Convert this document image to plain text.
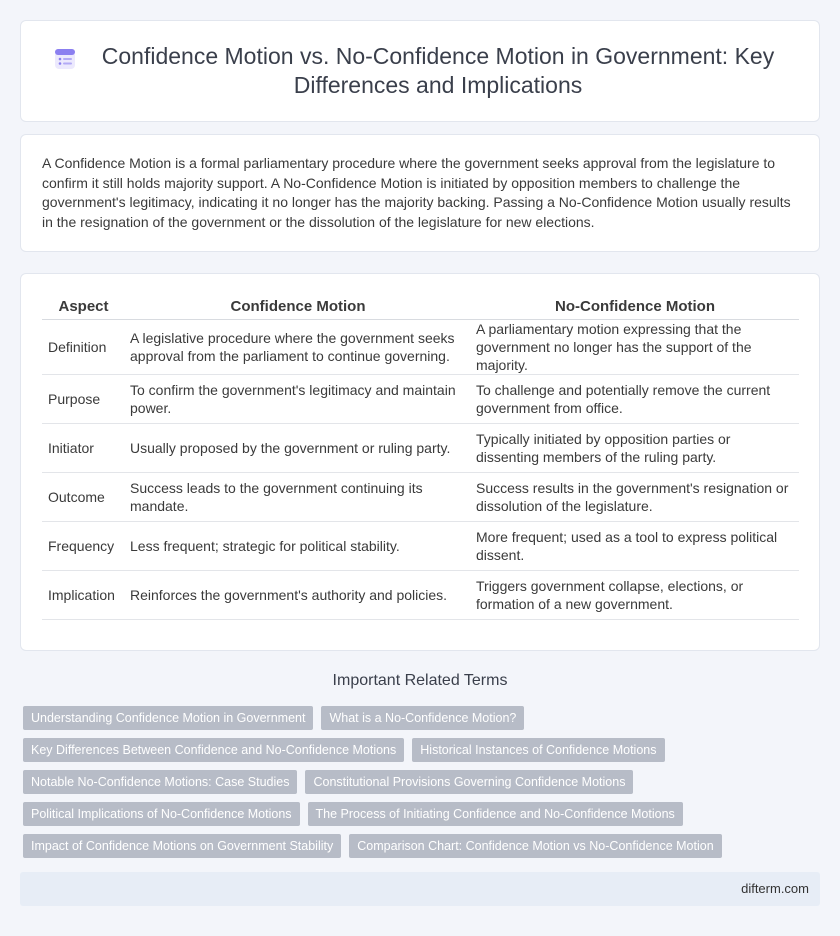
Confidence Motion vs. No-Confidence Motion in Government: Key Differences and Implications

A Confidence Motion is a formal parliamentary procedure where the government seeks approval from the legislature to confirm it still holds majority support. A No-Confidence Motion is initiated by opposition members to challenge the government's legitimacy, indicating it no longer has the majority backing. Passing a No-Confidence Motion usually results in the resignation of the government or the dissolution of the legislature for new elections.

Aspect	Confidence Motion	No-Confidence Motion
Definition	A legislative procedure where the government seeks approval from the parliament to continue governing.	A parliamentary motion expressing that the government no longer has the support of the majority.
Purpose	To confirm the government's legitimacy and maintain power.	To challenge and potentially remove the current government from office.
Initiator	Usually proposed by the government or ruling party.	Typically initiated by opposition parties or dissenting members of the ruling party.
Outcome	Success leads to the government continuing its mandate.	Success results in the government's resignation or dissolution of the legislature.
Frequency	Less frequent; strategic for political stability.	More frequent; used as a tool to express political dissent.
Implication	Reinforces the government's authority and policies.	Triggers government collapse, elections, or formation of a new government.
Important Related Terms
Understanding Confidence Motion in Government	What is a No-Confidence Motion?
Key Differences Between Confidence and No-Confidence Motions	Historical Instances of Confidence Motions
Notable No-Confidence Motions: Case Studies	Constitutional Provisions Governing Confidence Motions
Political Implications of No-Confidence Motions	The Process of Initiating Confidence and No-Confidence Motions
Impact of Confidence Motions on Government Stability	Comparison Chart: Confidence Motion vs No-Confidence Motion
difterm.com
